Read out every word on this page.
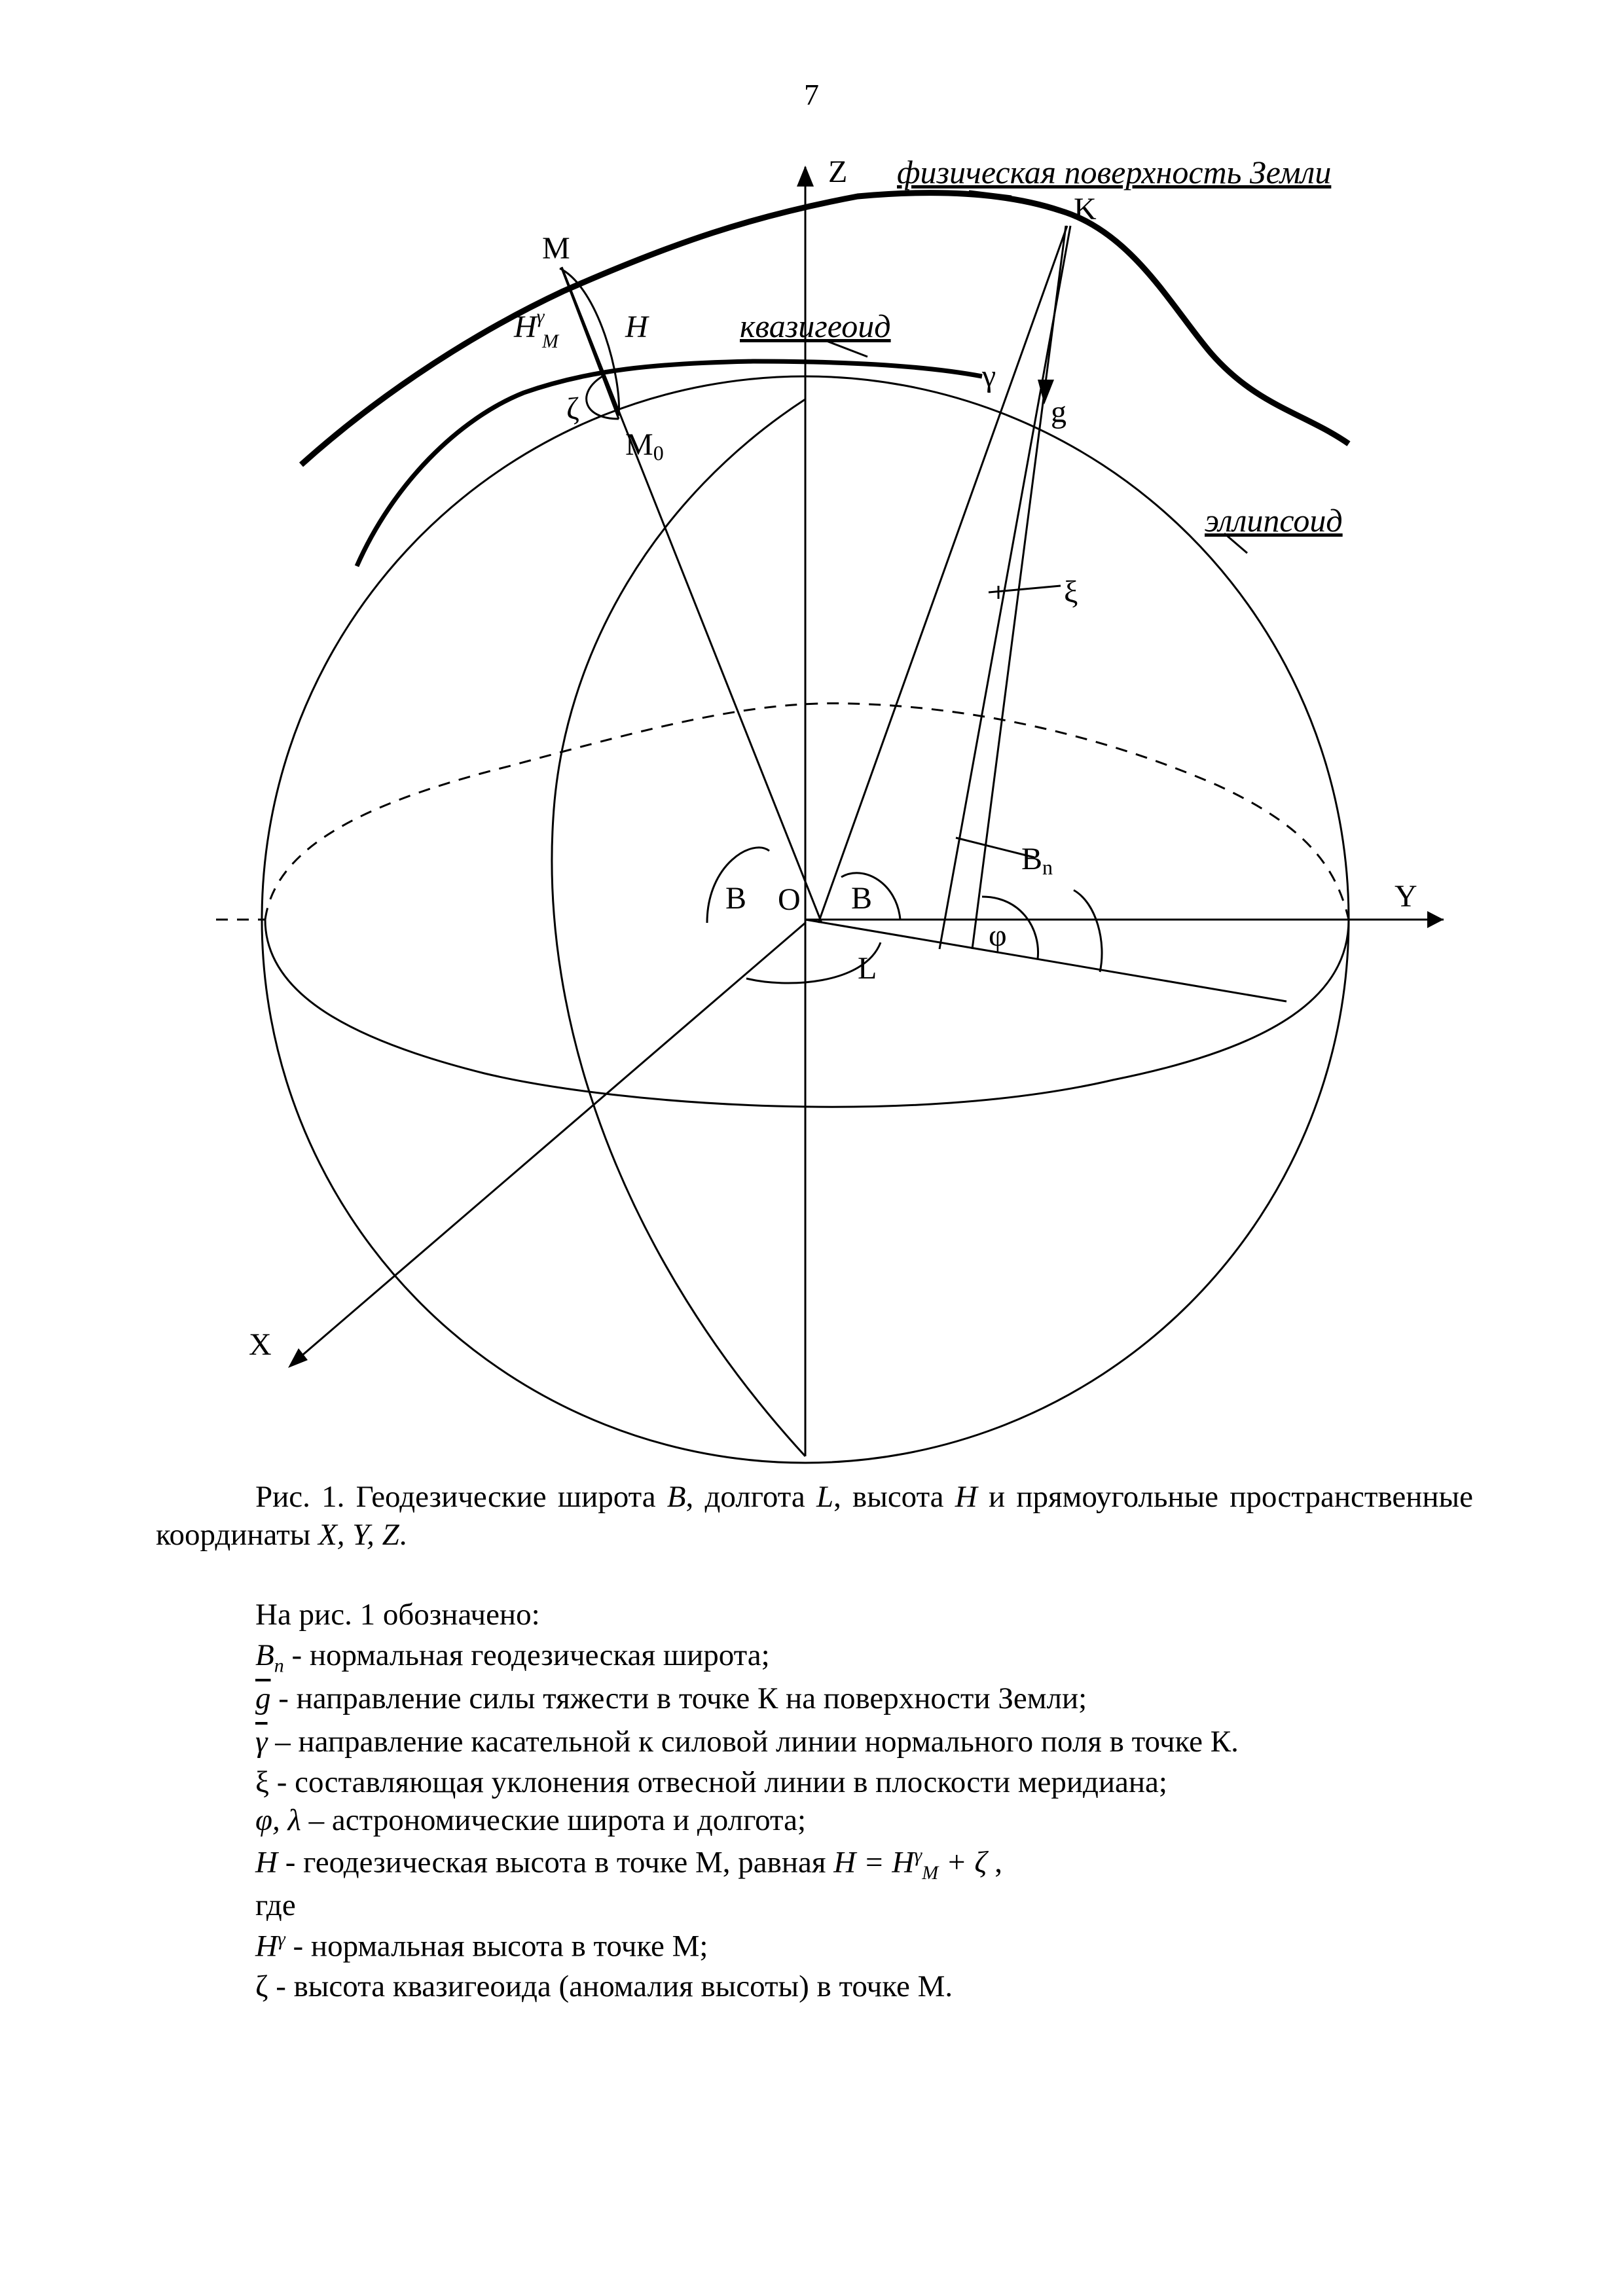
7
Z
Y
X
O
физическая поверхность Земли
квазигеоид
эллипсоид
M
M0
K
$H^\gamma$ M H
ζ
γ
g
ξ
Bn
B	B
φ
L
Рис. 1. Геодезические широта B, долгота L, высота H и прямоугольные пространственные координаты X, Y, Z.
На рис. 1 обозначено:
$B_n$ - нормальная геодезическая широта;
$\overline{g}$ - направление силы тяжести в точке К на поверхности Земли;
$\overline{\gamma}$ – направление касательной к силовой линии нормального поля в точке К.
ξ - составляющая уклонения отвесной линии в плоскости меридиана;
φ, λ – астрономические широта и долгота;
H - геодезическая высота в точке М, равная $H = H^\gamma_M + \zeta$ ,
где
$H^\gamma$ - нормальная высота в точке М;
ζ - высота квазигеоида (аномалия высоты) в точке М.
